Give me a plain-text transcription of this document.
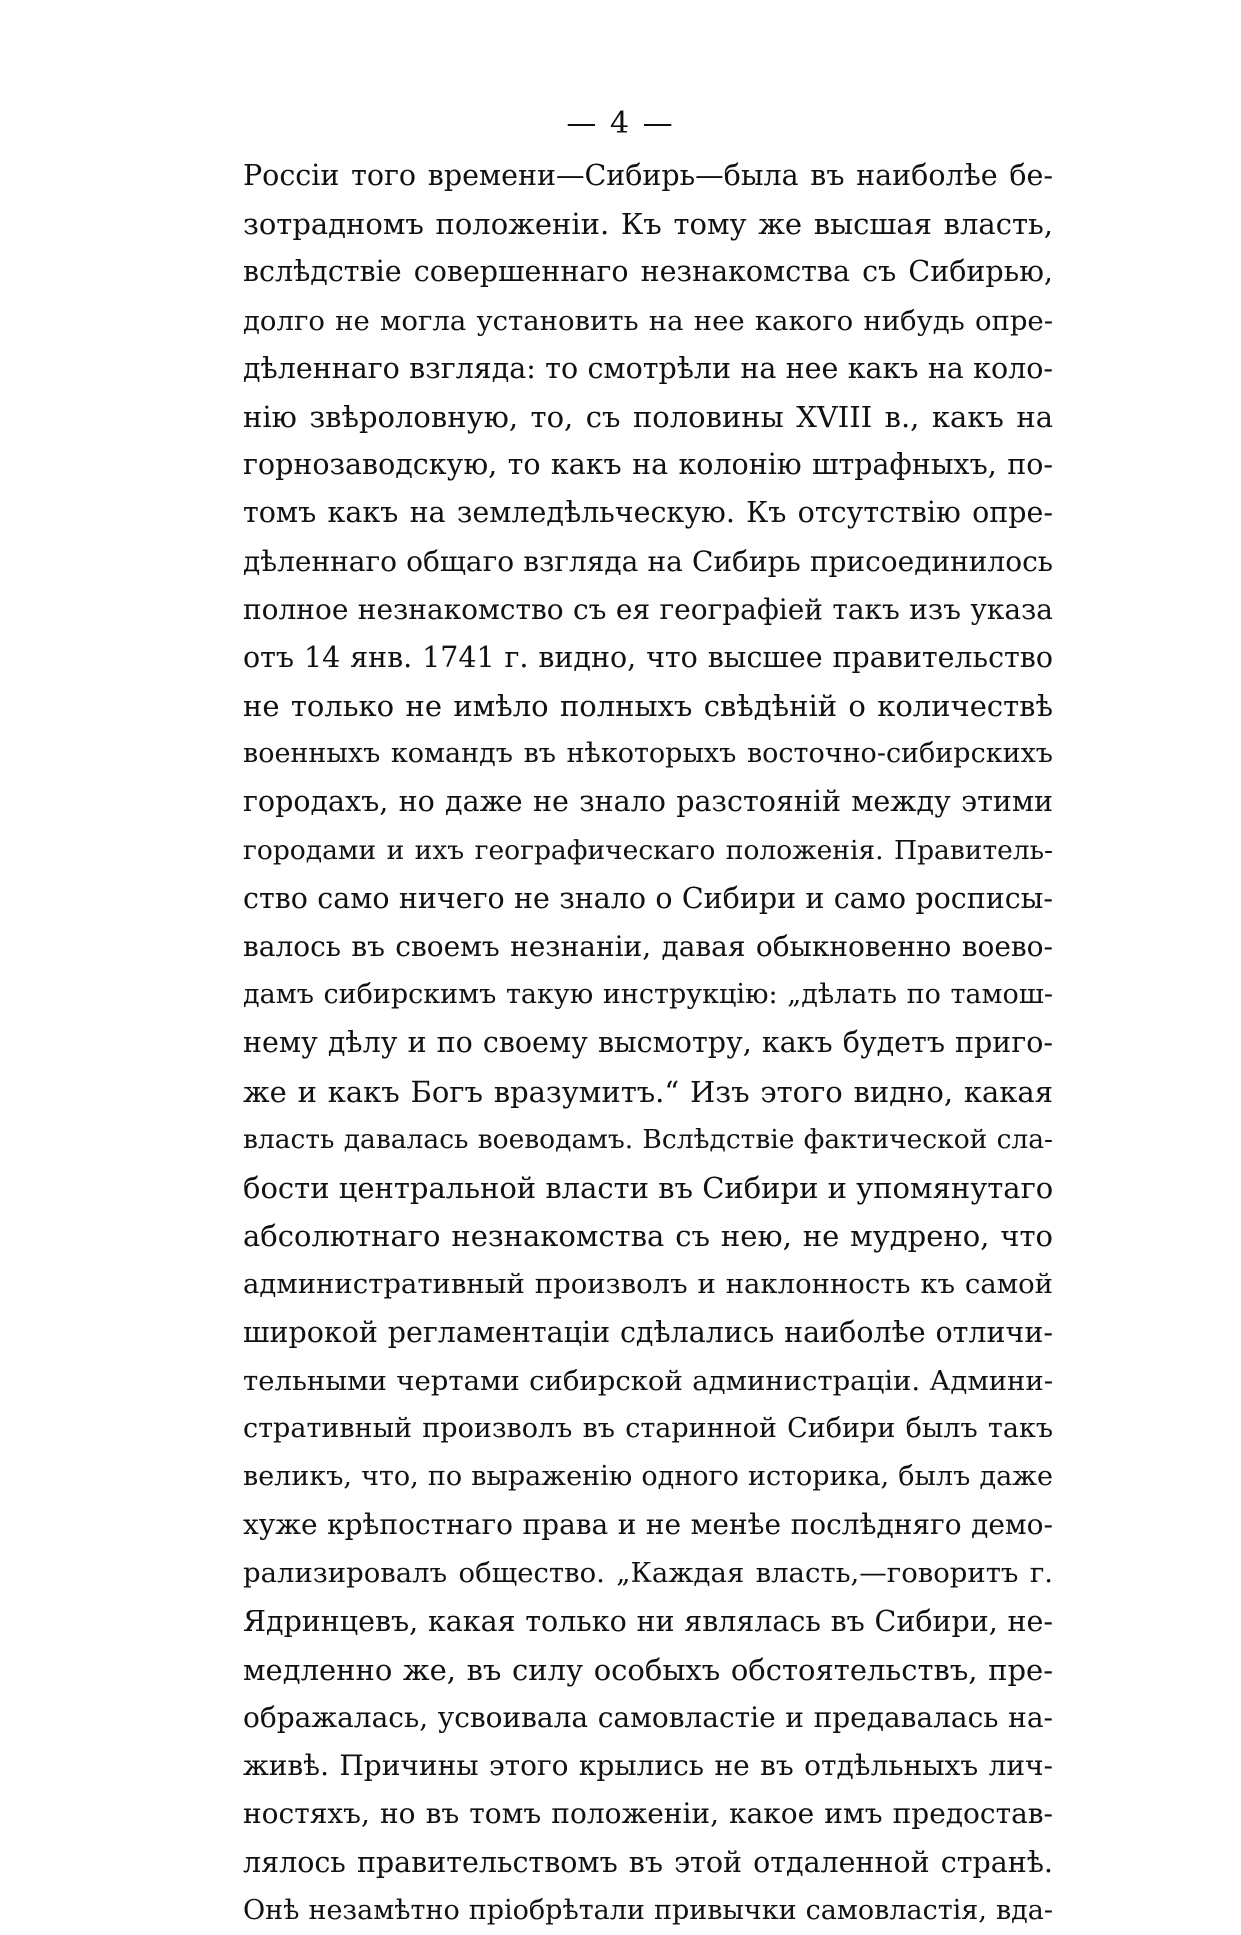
— 4 —
Россiи того времени—Сибирь—была въ наиболѣе бе-
зотрадномъ положенiи. Къ тому же высшая власть,
вслѣдствiе совершеннаго незнакомства съ Сибирью,
долго не могла установить на нее какого нибудь опре-
дѣленнаго взгляда: то смотрѣли на нее какъ на коло-
нiю звѣроловную, то, съ половины XVIII в., какъ на
горнозаводскую, то какъ на колонiю штрафныхъ, по-
томъ какъ на земледѣльческую. Къ отсутствiю опре-
дѣленнаго общаго взгляда на Сибирь присоединилось
полное незнакомство съ ея географiей такъ изъ указа
отъ 14 янв. 1741 г. видно, что высшее правительство
не только не имѣло полныхъ свѣдѣнiй о количествѣ
военныхъ командъ въ нѣкоторыхъ восточно-сибирскихъ
городахъ, но даже не знало разстоянiй между этими
городами и ихъ географическаго положенiя. Правитель-
ство само ничего не знало о Сибири и само росписы-
валось въ своемъ незнанiи, давая обыкновенно воево-
дамъ сибирскимъ такую инструкцiю: „дѣлать по тамош-
нему дѣлу и по своему высмотру, какъ будетъ приго-
же и какъ Богъ вразумитъ.“ Изъ этого видно, какая
власть давалась воеводамъ. Вслѣдствiе фактической сла-
бости центральной власти въ Сибири и упомянутаго
абсолютнаго незнакомства съ нею, не мудрено, что
административный произволъ и наклонность къ самой
широкой регламентацiи сдѣлались наиболѣе отличи-
тельными чертами сибирской администрацiи. Админи-
стративный произволъ въ старинной Сибири былъ такъ
великъ, что, по выраженiю одного историка, былъ даже
хуже крѣпостнаго права и не менѣе послѣдняго демо-
рализировалъ общество. „Каждая власть,—говоритъ г.
Ядринцевъ, какая только ни являлась въ Сибири, не-
медленно же, въ силу особыхъ обстоятельствъ, пре-
ображалась, усвоивала самовластiе и предавалась на-
живѣ. Причины этого крылись не въ отдѣльныхъ лич-
ностяхъ, но въ томъ положенiи, какое имъ предостав-
лялось правительствомъ въ этой отдаленной странѣ.
Онѣ незамѣтно прiобрѣтали привычки самовластiя, вда-
